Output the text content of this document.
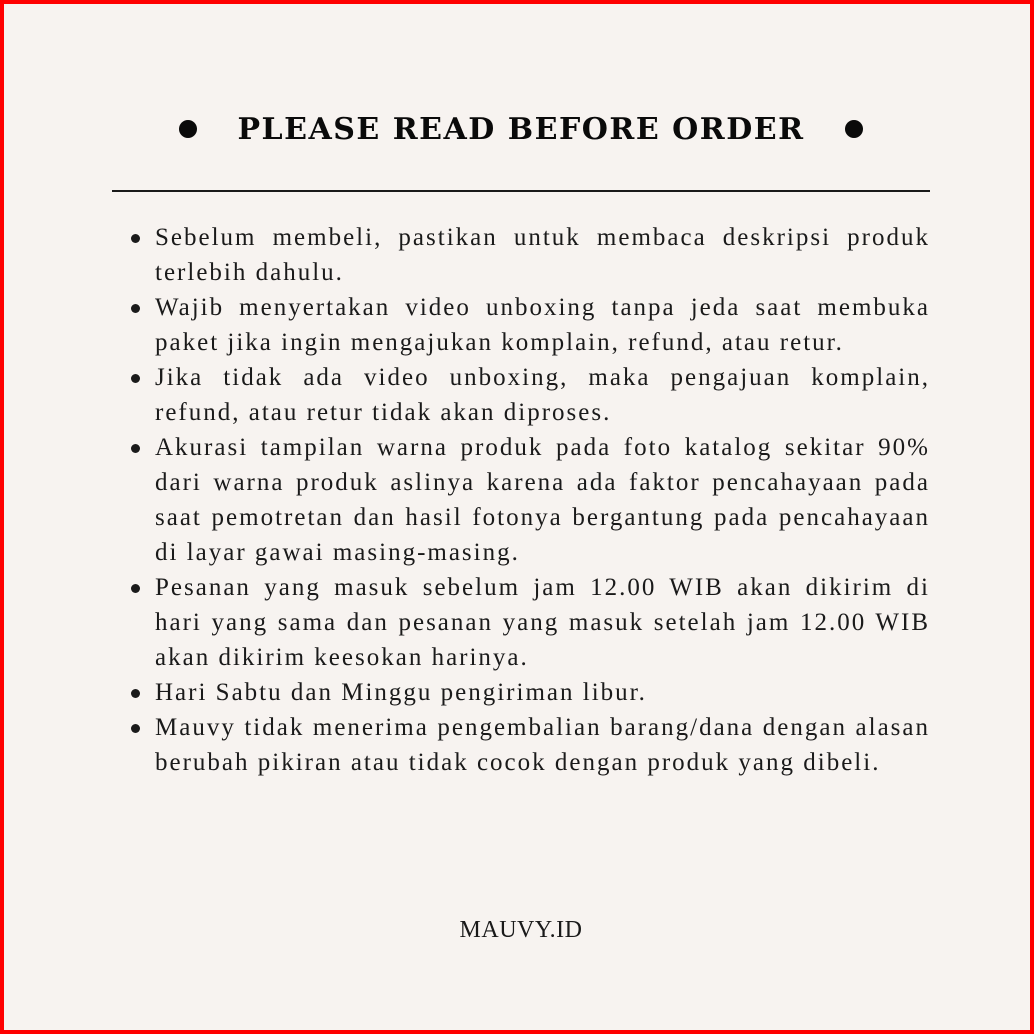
PLEASE READ BEFORE ORDER
Sebelum membeli, pastikan untuk membaca deskripsi produk terlebih dahulu.
Wajib menyertakan video unboxing tanpa jeda saat membuka paket jika ingin mengajukan komplain, refund, atau retur.
Jika tidak ada video unboxing, maka pengajuan komplain, refund, atau retur tidak akan diproses.
Akurasi tampilan warna produk pada foto katalog sekitar 90% dari warna produk aslinya karena ada faktor pencahayaan pada saat pemotretan dan hasil fotonya bergantung pada pencahayaan di layar gawai masing-masing.
Pesanan yang masuk sebelum jam 12.00 WIB akan dikirim di hari yang sama dan pesanan yang masuk setelah jam 12.00 WIB akan dikirim keesokan harinya.
Hari Sabtu dan Minggu pengiriman libur.
Mauvy tidak menerima pengembalian barang/dana dengan alasan berubah pikiran atau tidak cocok dengan produk yang dibeli.
MAUVY.ID
